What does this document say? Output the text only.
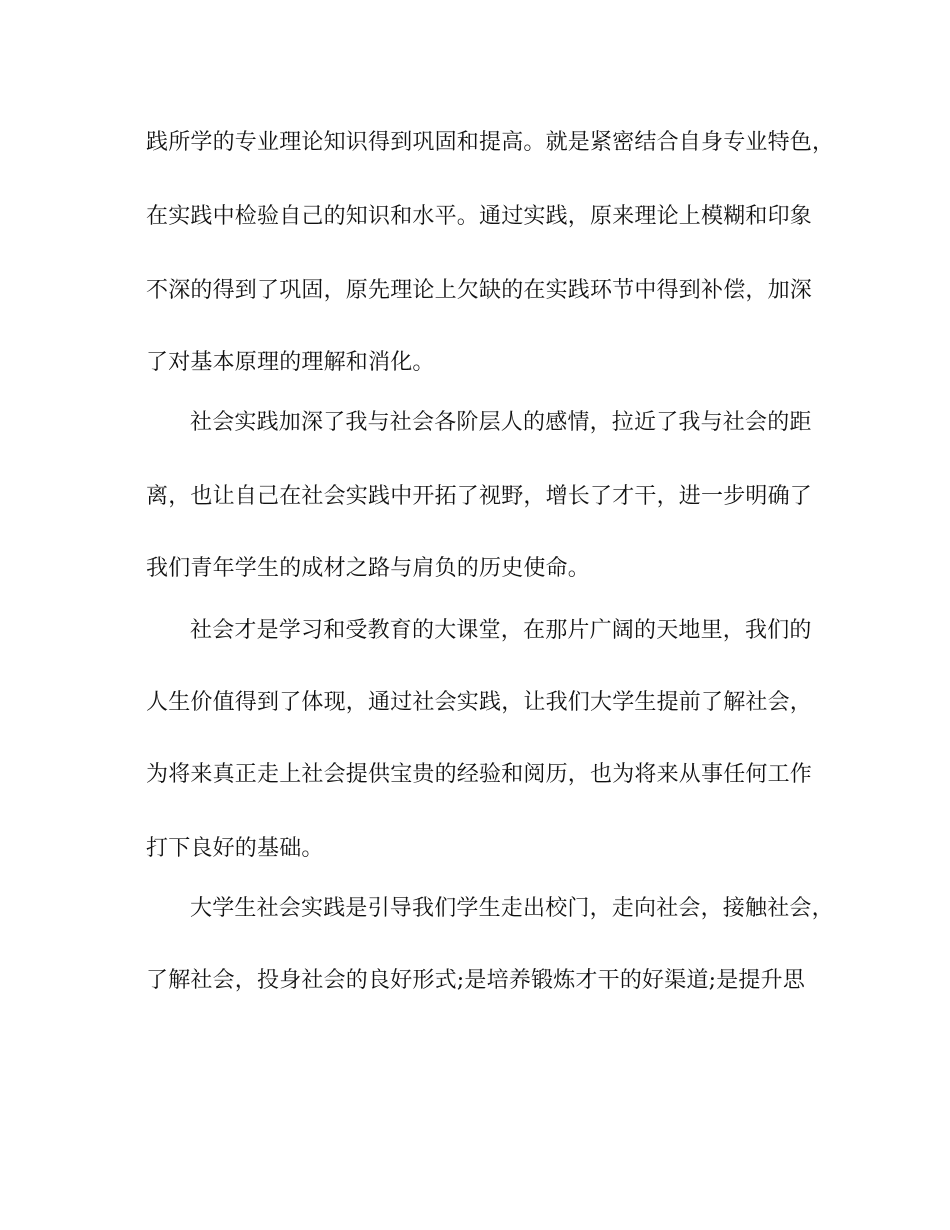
践所学的专业理论知识得到巩固和提高。就是紧密结合自身专业特色，
在实践中检验自己的知识和水平。通过实践，原来理论上模糊和印象
不深的得到了巩固，原先理论上欠缺的在实践环节中得到补偿，加深
了对基本原理的理解和消化。
社会实践加深了我与社会各阶层人的感情，拉近了我与社会的距
离，也让自己在社会实践中开拓了视野，增长了才干，进一步明确了
我们青年学生的成材之路与肩负的历史使命。
社会才是学习和受教育的大课堂，在那片广阔的天地里，我们的
人生价值得到了体现，通过社会实践，让我们大学生提前了解社会，
为将来真正走上社会提供宝贵的经验和阅历，也为将来从事任何工作
打下良好的基础。
大学生社会实践是引导我们学生走出校门，走向社会，接触社会，
了解社会，投身社会的良好形式;是培养锻炼才干的好渠道;是提升思
